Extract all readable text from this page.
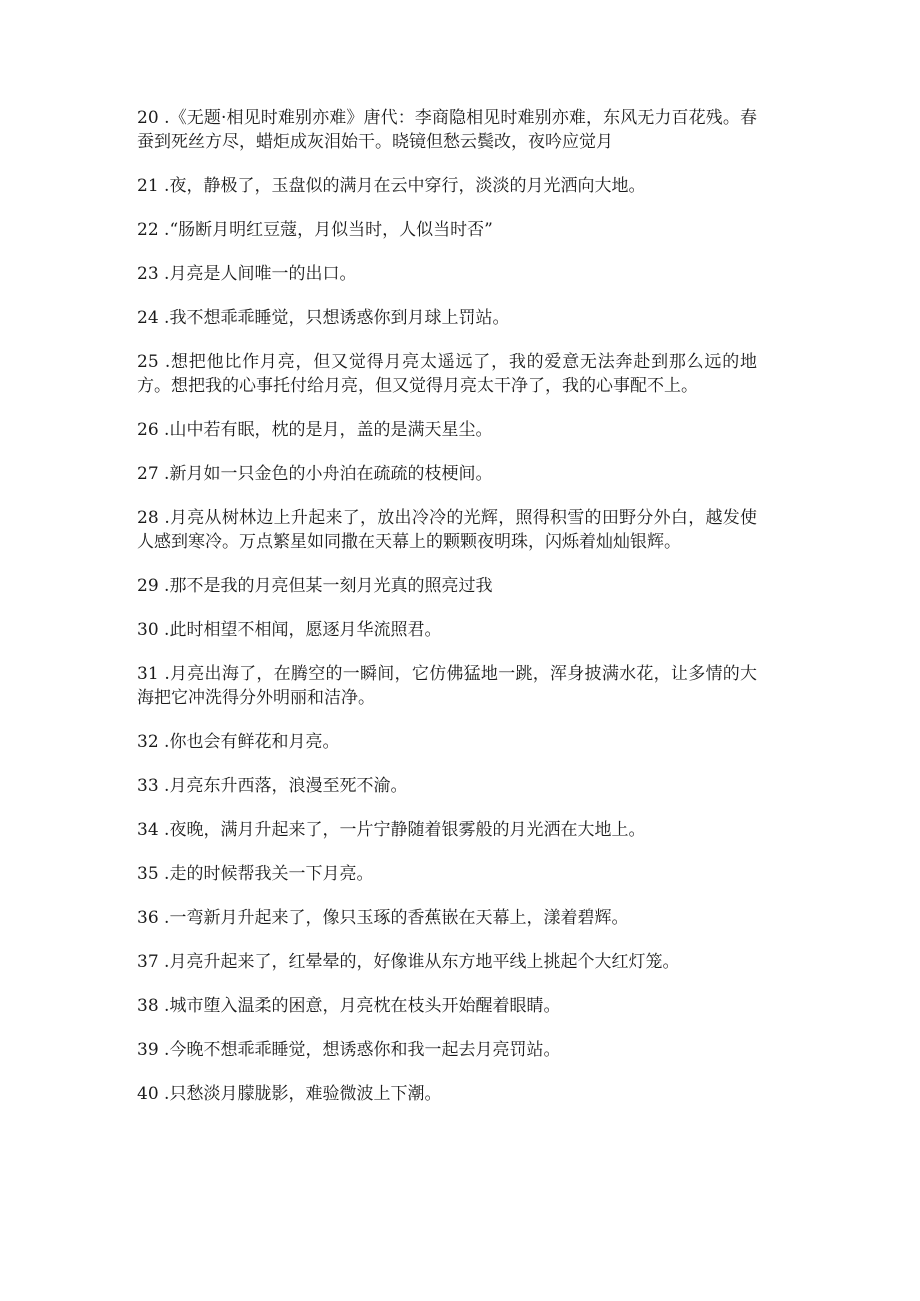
20 .《无题·相见时难别亦难》唐代：李商隐相见时难别亦难，东风无力百花残。春蚕到死丝方尽，蜡炬成灰泪始干。晓镜但愁云鬓改，夜吟应觉月

21 .夜，静极了，玉盘似的满月在云中穿行，淡淡的月光洒向大地。

22 .“肠断月明红豆蔻，月似当时，人似当时否”

23 .月亮是人间唯一的出口。

24 .我不想乖乖睡觉，只想诱惑你到月球上罚站。

25 .想把他比作月亮，但又觉得月亮太遥远了，我的爱意无法奔赴到那么远的地方。想把我的心事托付给月亮，但又觉得月亮太干净了，我的心事配不上。

26 .山中若有眠，枕的是月，盖的是满天星尘。

27 .新月如一只金色的小舟泊在疏疏的枝梗间。

28 .月亮从树林边上升起来了，放出冷冷的光辉，照得积雪的田野分外白，越发使人感到寒冷。万点繁星如同撒在天幕上的颗颗夜明珠，闪烁着灿灿银辉。

29 .那不是我的月亮但某一刻月光真的照亮过我

30 .此时相望不相闻，愿逐月华流照君。

31 .月亮出海了，在腾空的一瞬间，它仿佛猛地一跳，浑身披满水花，让多情的大海把它冲洗得分外明丽和洁净。

32 .你也会有鲜花和月亮。

33 .月亮东升西落，浪漫至死不渝。

34 .夜晚，满月升起来了，一片宁静随着银雾般的月光洒在大地上。

35 .走的时候帮我关一下月亮。

36 .一弯新月升起来了，像只玉琢的香蕉嵌在天幕上，漾着碧辉。

37 .月亮升起来了，红晕晕的，好像谁从东方地平线上挑起个大红灯笼。

38 .城市堕入温柔的困意，月亮枕在枝头开始醒着眼睛。

39 .今晚不想乖乖睡觉，想诱惑你和我一起去月亮罚站。

40 .只愁淡月朦胧影，难验微波上下潮。
